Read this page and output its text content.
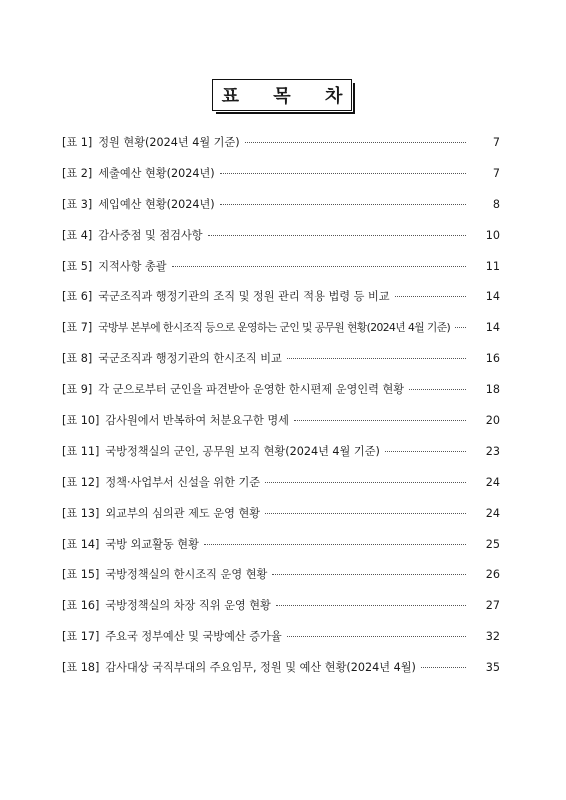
표 목 차
[표 1] 정원 현황(2024년 4월 기준)	7
[표 2] 세출예산 현황(2024년)	7
[표 3] 세입예산 현황(2024년)	8
[표 4] 감사중점 및 점검사항	10
[표 5] 지적사항 총괄	11
[표 6] 국군조직과 행정기관의 조직 및 정원 관리 적용 법령 등 비교	14
[표 7] 국방부 본부에 한시조직 등으로 운영하는 군인 및 공무원 현황(2024년 4월 기준)	14
[표 8] 국군조직과 행정기관의 한시조직 비교	16
[표 9] 각 군으로부터 군인을 파견받아 운영한 한시편제 운영인력 현황	18
[표 10] 감사원에서 반복하여 처분요구한 명세	20
[표 11] 국방정책실의 군인, 공무원 보직 현황(2024년 4월 기준)	23
[표 12] 정책·사업부서 신설을 위한 기준	24
[표 13] 외교부의 심의관 제도 운영 현황	24
[표 14] 국방 외교활동 현황	25
[표 15] 국방정책실의 한시조직 운영 현황	26
[표 16] 국방정책실의 차장 직위 운영 현황	27
[표 17] 주요국 정부예산 및 국방예산 증가율	32
[표 18] 감사대상 국직부대의 주요임무, 정원 및 예산 현황(2024년 4월)	35
